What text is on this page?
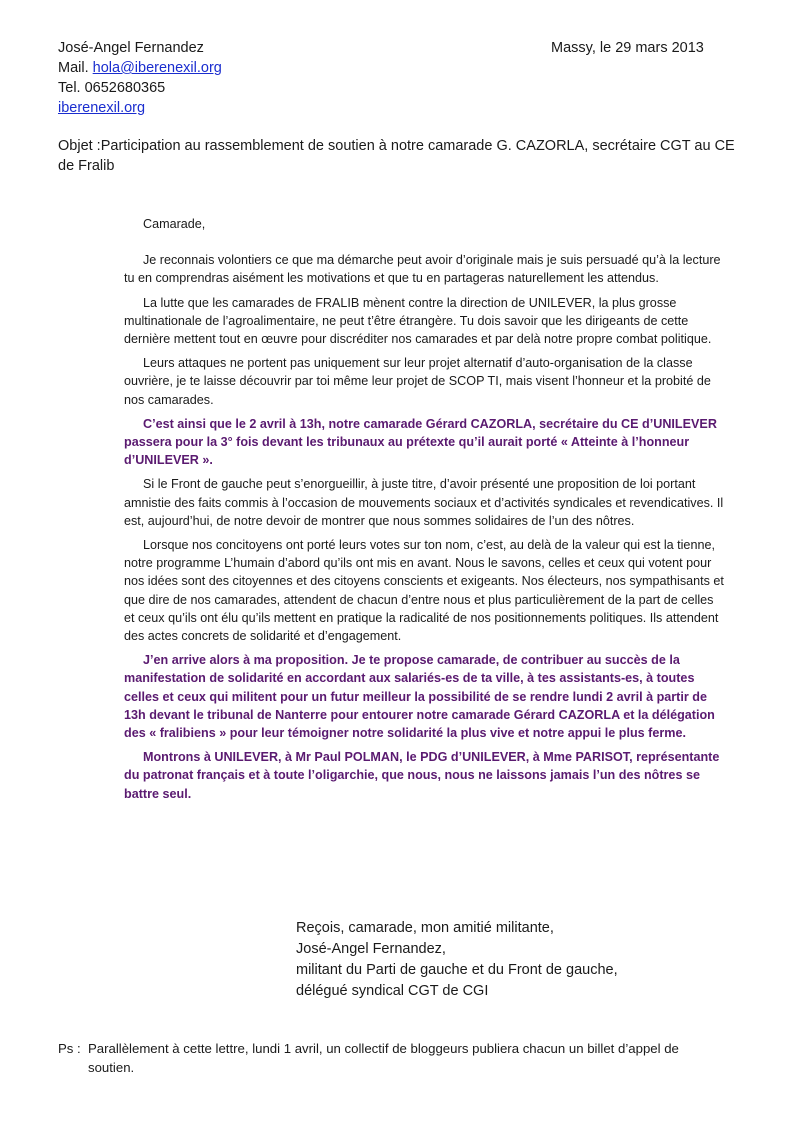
José-Angel Fernandez
Mail. hola@iberenexil.org
Tel. 0652680365
iberenexil.org
Massy, le 29 mars 2013
Objet :Participation au rassemblement de soutien à notre camarade G. CAZORLA, secrétaire CGT au CE de Fralib

Camarade,

Je reconnais volontiers ce que ma démarche peut avoir d’originale mais je suis persuadé qu’à la lecture tu en comprendras aisément les motivations et que tu en partageras naturellement les attendus.

La lutte que les camarades de FRALIB mènent contre la direction de UNILEVER, la plus grosse multinationale de l’agroalimentaire, ne peut t’être étrangère. Tu dois savoir que les dirigeants de cette dernière mettent tout en œuvre pour discréditer nos camarades et par delà notre propre combat politique.

Leurs attaques ne portent pas uniquement sur leur projet alternatif d’auto-organisation de la classe ouvrière, je te laisse découvrir par toi même leur projet de SCOP TI, mais visent l’honneur et la probité de nos camarades.

C’est ainsi que le 2 avril à 13h, notre camarade Gérard CAZORLA, secrétaire du CE d’UNILEVER passera pour la 3° fois devant les tribunaux au prétexte qu’il aurait porté « Atteinte à l’honneur d’UNILEVER ».

Si le Front de gauche peut s’enorgueillir, à juste titre, d’avoir présenté une proposition de loi portant amnistie des faits commis à l’occasion de mouvements sociaux et d’activités syndicales et revendicatives. Il est, aujourd’hui, de notre devoir de montrer que nous sommes solidaires de l’un des nôtres.

Lorsque nos concitoyens ont porté leurs votes sur ton nom, c’est, au delà de la valeur qui est la tienne, notre programme L’humain d’abord qu’ils ont mis en avant. Nous le savons, celles et ceux qui votent pour nos idées sont des citoyennes et des citoyens conscients et exigeants. Nos électeurs, nos sympathisants et que dire de nos camarades, attendent de chacun d’entre nous et plus particulièrement de la part de celles et ceux qu’ils ont élu qu’ils mettent en pratique la radicalité de nos positionnements politiques. Ils attendent des actes concrets de solidarité et d’engagement.

J’en arrive alors à ma proposition. Je te propose camarade, de contribuer au succès de la manifestation de solidarité en accordant aux salariés-es de ta ville, à tes assistants-es, à toutes celles et ceux qui militent pour un futur meilleur la possibilité de se rendre lundi 2 avril à partir de 13h devant le tribunal de Nanterre pour entourer notre camarade Gérard CAZORLA et la délégation des « fralibiens » pour leur témoigner notre solidarité la plus vive et notre appui le plus ferme.

Montrons à UNILEVER, à Mr Paul POLMAN, le PDG d’UNILEVER, à Mme PARISOT, représentante du patronat français et à toute l’oligarchie, que nous, nous ne laissons jamais l’un des nôtres se battre seul.

Reçois, camarade, mon amitié militante,
José-Angel Fernandez,
militant du Parti de gauche et du Front de gauche,
délégué syndical CGT de CGI
Ps : Parallèlement à cette lettre, lundi 1 avril, un collectif de bloggeurs publiera chacun un billet d’appel de soutien.
